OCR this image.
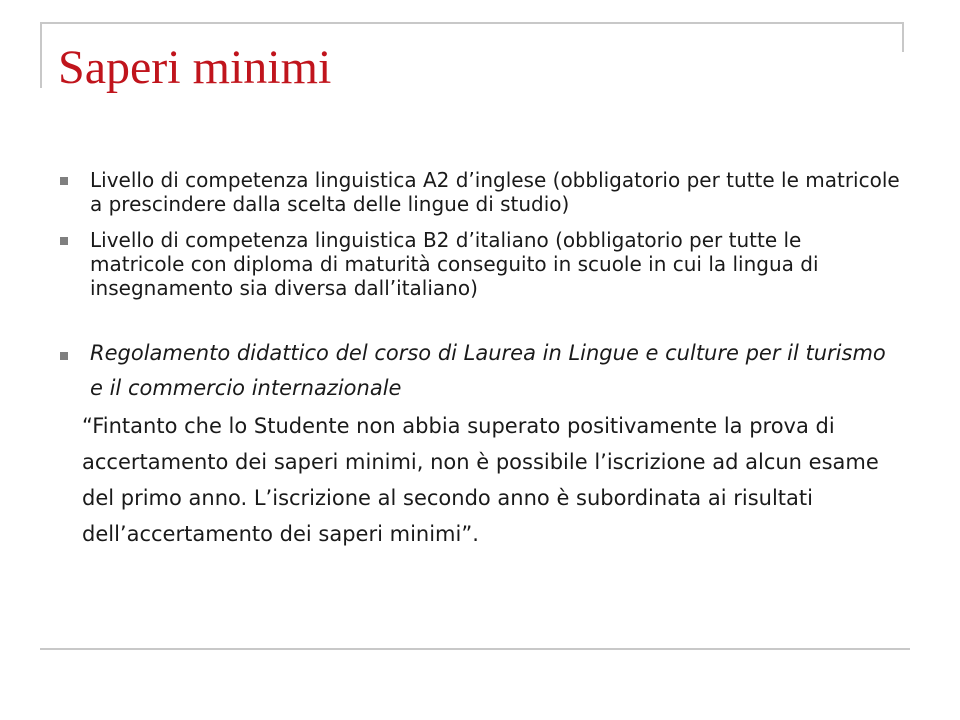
Saperi minimi
Livello di competenza linguistica A2 d’inglese (obbligatorio per tutte le matricole a prescindere dalla scelta delle lingue di studio)
Livello di competenza linguistica B2 d’italiano (obbligatorio per tutte le matricole con diploma di maturità conseguito in scuole in cui la lingua di insegnamento sia diversa dall’italiano)
Regolamento didattico del corso di Laurea in Lingue e culture per il turismo e il commercio internazionale
“Fintanto che lo Studente non abbia superato positivamente la prova di accertamento dei saperi minimi, non è possibile l’iscrizione ad alcun esame del primo anno. L’iscrizione al secondo anno è subordinata ai risultati dell’accertamento dei saperi minimi”.
